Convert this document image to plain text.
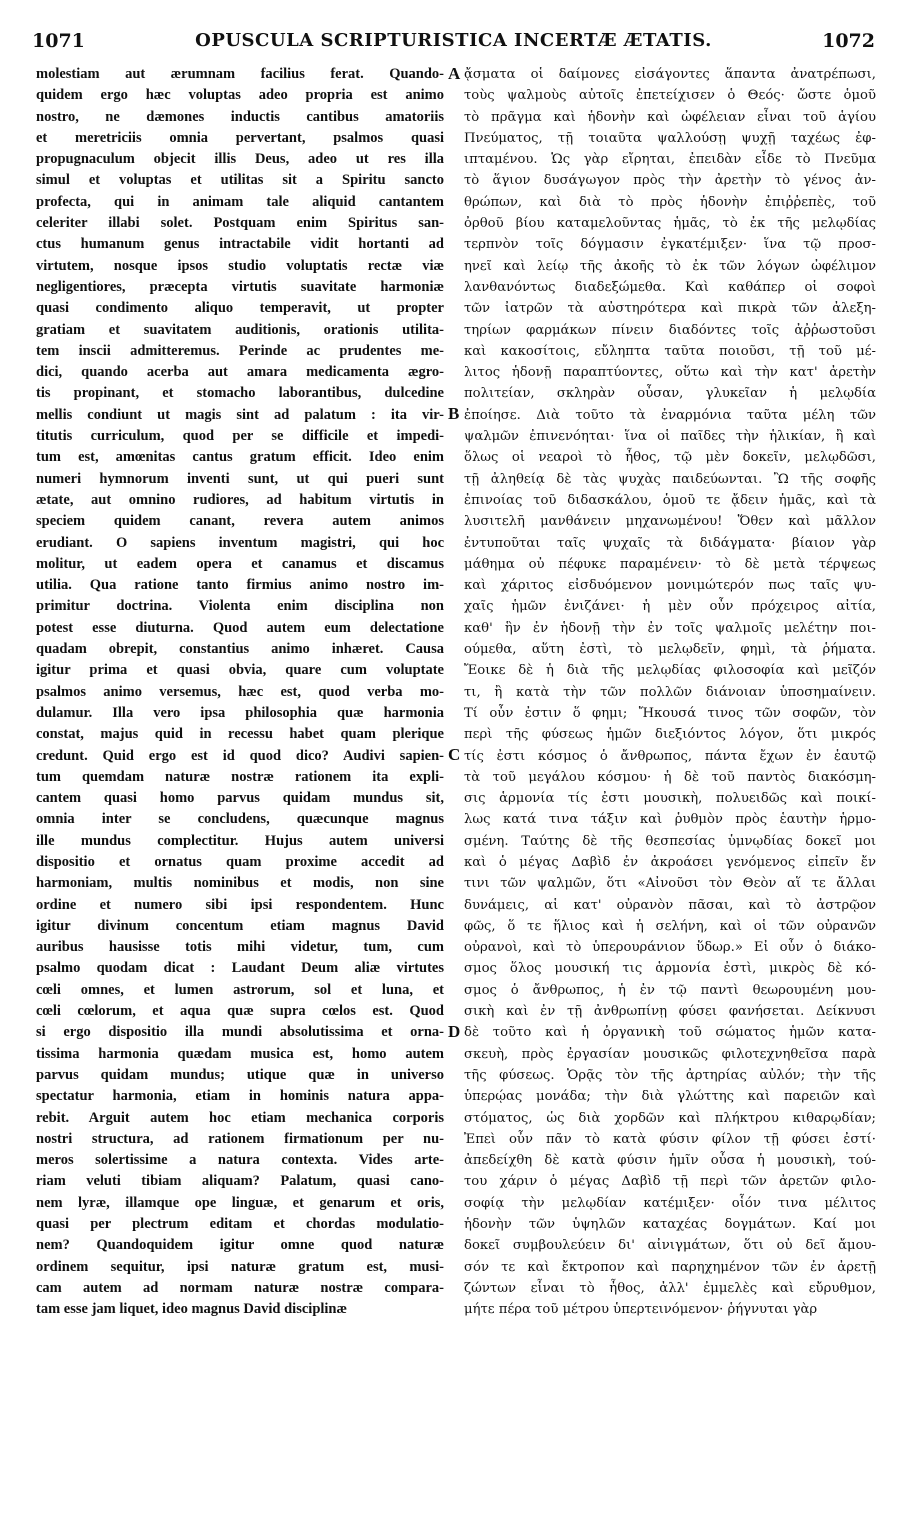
1071	OPUSCULA SCRIPTURISTICA INCERTÆ ÆTATIS.	1072
molestiam aut ærumnam facilius ferat. Quando-
quidem ergo hæc voluptas adeo propria est animo
nostro, ne dæmones inductis cantibus amatoriis
et meretriciis omnia pervertant, psalmos quasi
propugnaculum objecit illis Deus, adeo ut res illa
simul et voluptas et utilitas sit a Spiritu sancto
profecta, qui in animam tale aliquid cantantem
celeriter illabi solet. Postquam enim Spiritus san-
ctus humanum genus intractabile vidit hortanti ad
virtutem, nosque ipsos studio voluptatis rectæ viæ
negligentiores, præcepta virtutis suavitate harmoniæ
quasi condimento aliquo temperavit, ut propter
gratiam et suavitatem auditionis, orationis utilita-
tem inscii admitteremus. Perinde ac prudentes me-
dici, quando acerba aut amara medicamenta ægro-
tis propinant, et stomacho laborantibus, dulcedine
mellis condiunt ut magis sint ad palatum : ita vir-
titutis curriculum, quod per se difficile et impedi-
tum est, amœnitas cantus gratum efficit. Ideo enim
numeri hymnorum inventi sunt, ut qui pueri sunt
ætate, aut omnino rudiores, ad habitum virtutis in
speciem quidem canant, revera autem animos
erudiant. O sapiens inventum magistri, qui hoc
molitur, ut eadem opera et canamus et discamus
utilia. Qua ratione tanto firmius animo nostro im-
primitur doctrina. Violenta enim disciplina non
potest esse diuturna. Quod autem eum delectatione
quadam obrepit, constantius animo inhæret. Causa
igitur prima et quasi obvia, quare cum voluptate
psalmos animo versemus, hæc est, quod verba mo-
dulamur. Illa vero ipsa philosophia quæ harmonia
constat, majus quid in recessu habet quam plerique
credunt. Quid ergo est id quod dico? Audivi sapien-
tum quemdam naturæ nostræ rationem ita expli-
cantem quasi homo parvus quidam mundus sit,
omnia inter se concludens, quæcunque magnus
ille mundus complectitur. Hujus autem universi
dispositio et ornatus quam proxime accedit ad
harmoniam, multis nominibus et modis, non sine
ordine et numero sibi ipsi respondentem. Hunc
igitur divinum concentum etiam magnus David
auribus hausisse totis mihi videtur, tum, cum
psalmo quodam dicat : Laudant Deum aliæ virtutes
cœli omnes, et lumen astrorum, sol et luna, et
cœli cœlorum, et aqua quæ supra cœlos est. Quod
si ergo dispositio illa mundi absolutissima et orna-
tissima harmonia quædam musica est, homo autem
parvus quidam mundus; utique quæ in universo
spectatur harmonia, etiam in hominis natura appa-
rebit. Arguit autem hoc etiam mechanica corporis
nostri structura, ad rationem firmationum per nu-
meros solertissime a natura contexta. Vides arte-
riam veluti tibiam aliquam? Palatum, quasi cano-
nem lyræ, illamque ope linguæ, et genarum et oris,
quasi per plectrum editam et chordas modulatio-
nem? Quandoquidem igitur omne quod naturæ
ordinem sequitur, ipsi naturæ gratum est, musi-
cam autem ad normam naturæ nostræ compara-
tam esse jam liquet, ideo magnus David disciplinæ
ᾄσματα οἱ δαίμονες εἰσάγοντες ἅπαντα ἀνατρέπωσι,
τοὺς ψαλμοὺς αὐτοῖς ἐπετείχισεν ὁ Θεός· ὥστε ὁμοῦ
τὸ πρᾶγμα καὶ ἡδονὴν καὶ ὠφέλειαν εἶναι τοῦ ἁγίου
Πνεύματος, τῇ τοιαῦτα ψαλλούσῃ ψυχῇ ταχέως ἐφ-
ιπταμένου. Ὡς γὰρ εἴρηται, ἐπειδὰν εἶδε τὸ Πνεῦμα
τὸ ἅγιον δυσάγωγον πρὸς τὴν ἀρετὴν τὸ γένος ἀν-
θρώπων, καὶ διὰ τὸ πρὸς ἡδονὴν ἐπιῤῥεπὲς, τοῦ
ὀρθοῦ βίου καταμελοῦντας ἡμᾶς, τὸ ἐκ τῆς μελῳδίας
τερπνὸν τοῖς δόγμασιν ἐγκατέμιξεν· ἵνα τῷ προσ-
ηνεῖ καὶ λείῳ τῆς ἀκοῆς τὸ ἐκ τῶν λόγων ὠφέλιμον
λανθανόντως διαδεξώμεθα. Καὶ καθάπερ οἱ σοφοὶ
τῶν ἰατρῶν τὰ αὐστηρότερα καὶ πικρὰ τῶν ἀλεξη-
τηρίων φαρμάκων πίνειν διαδόντες τοῖς ἀῤῥωστοῦσι
καὶ κακοσίτοις, εὔληπτα ταῦτα ποιοῦσι, τῇ τοῦ μέ-
λιτος ἡδονῇ παραπτύοντες, οὕτω καὶ τὴν κατ' ἀρετὴν
πολιτείαν, σκληρὰν οὖσαν, γλυκεῖαν ἡ μελῳδία
ἐποίησε. Διὰ τοῦτο τὰ ἐναρμόνια ταῦτα μέλη τῶν
ψαλμῶν ἐπινενόηται· ἵνα οἱ παῖδες τὴν ἡλικίαν, ἢ καὶ
ὅλως οἱ νεαροὶ τὸ ἦθος, τῷ μὲν δοκεῖν, μελῳδῶσι,
τῇ ἀληθείᾳ δὲ τὰς ψυχὰς παιδεύωνται. Ὢ τῆς σοφῆς
ἐπινοίας τοῦ διδασκάλου, ὁμοῦ τε ᾄδειν ἡμᾶς, καὶ τὰ
λυσιτελῆ μανθάνειν μηχανωμένου! Ὅθεν καὶ μᾶλλον
ἐντυποῦται ταῖς ψυχαῖς τὰ διδάγματα· βίαιον γὰρ
μάθημα οὐ πέφυκε παραμένειν· τὸ δὲ μετὰ τέρψεως
καὶ χάριτος εἰσδυόμενον μονιμώτερόν πως ταῖς ψυ-
χαῖς ἡμῶν ἐνιζάνει· ἡ μὲν οὖν πρόχειρος αἰτία,
καθ' ἣν ἐν ἡδονῇ τὴν ἐν τοῖς ψαλμοῖς μελέτην ποι-
ούμεθα, αὕτη ἐστὶ, τὸ μελῳδεῖν, φημὶ, τὰ ῥήματα.
Ἔοικε δὲ ἡ διὰ τῆς μελῳδίας φιλοσοφία καὶ μεῖζόν
τι, ἢ κατὰ τὴν τῶν πολλῶν διάνοιαν ὑποσημαίνειν.
Τί οὖν ἐστιν ὅ φημι; Ἤκουσά τινος τῶν σοφῶν, τὸν
περὶ τῆς φύσεως ἡμῶν διεξιόντος λόγον, ὅτι μικρός
τίς ἐστι κόσμος ὁ ἄνθρωπος, πάντα ἔχων ἐν ἑαυτῷ
τὰ τοῦ μεγάλου κόσμου· ἡ δὲ τοῦ παντὸς διακόσμη-
σις ἁρμονία τίς ἐστι μουσικὴ, πολυειδῶς καὶ ποικί-
λως κατά τινα τάξιν καὶ ῥυθμὸν πρὸς ἑαυτὴν ἡρμο-
σμένη. Ταύτης δὲ τῆς θεσπεσίας ὑμνῳδίας δοκεῖ μοι
καὶ ὁ μέγας Δαβὶδ ἐν ἀκροάσει γενόμενος εἰπεῖν ἔν
τινι τῶν ψαλμῶν, ὅτι «Αἰνοῦσι τὸν Θεὸν αἵ τε ἄλλαι
δυνάμεις, αἱ κατ' οὐρανὸν πᾶσαι, καὶ τὸ ἀστρῷον
φῶς, ὅ τε ἥλιος καὶ ἡ σελήνη, καὶ οἱ τῶν οὐρανῶν
οὐρανοὶ, καὶ τὸ ὑπερουράνιον ὕδωρ.» Εἰ οὖν ὁ διάκο-
σμος ὅλος μουσική τις ἁρμονία ἐστὶ, μικρὸς δὲ κό-
σμος ὁ ἄνθρωπος, ἡ ἐν τῷ παντὶ θεωρουμένη μου-
σικὴ καὶ ἐν τῇ ἀνθρωπίνῃ φύσει φανήσεται. Δείκνυσι
δὲ τοῦτο καὶ ἡ ὀργανικὴ τοῦ σώματος ἡμῶν κατα-
σκευὴ, πρὸς ἐργασίαν μουσικῶς φιλοτεχνηθεῖσα παρὰ
τῆς φύσεως. Ὁρᾷς τὸν τῆς ἀρτηρίας αὐλόν; τὴν τῆς
ὑπερῴας μονάδα; τὴν διὰ γλώττης καὶ παρειῶν καὶ
στόματος, ὡς διὰ χορδῶν καὶ πλήκτρου κιθαρῳδίαν;
Ἐπεὶ οὖν πᾶν τὸ κατὰ φύσιν φίλον τῇ φύσει ἐστί·
ἀπεδείχθη δὲ κατὰ φύσιν ἡμῖν οὖσα ἡ μουσικὴ, τού-
του χάριν ὁ μέγας Δαβὶδ τῇ περὶ τῶν ἀρετῶν φιλο-
σοφίᾳ τὴν μελῳδίαν κατέμιξεν· οἷόν τινα μέλιτος
ἡδονὴν τῶν ὑψηλῶν καταχέας δογμάτων. Καί μοι
δοκεῖ συμβουλεύειν δι' αἰνιγμάτων, ὅτι οὐ δεῖ ἄμου-
σόν τε καὶ ἔκτροπον καὶ παρηχημένον τῶν ἐν ἀρετῇ
ζώντων εἶναι τὸ ἦθος, ἀλλ' ἐμμελὲς καὶ εὔρυθμον,
μήτε πέρα τοῦ μέτρου ὑπερτεινόμενον· ῥήγνυται γὰρ
A
B
C
D
